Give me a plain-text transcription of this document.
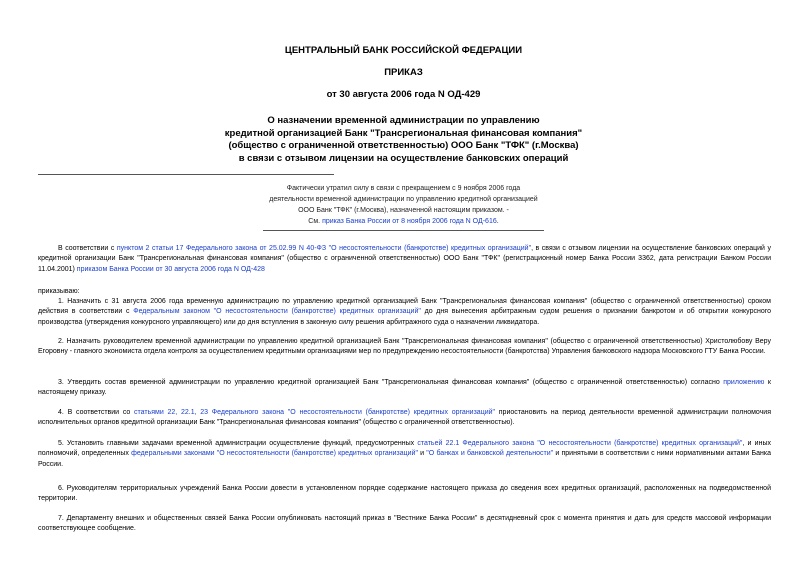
ЦЕНТРАЛЬНЫЙ БАНК РОССИЙСКОЙ ФЕДЕРАЦИИ
ПРИКАЗ
от 30 августа 2006 года N ОД-429
О назначении временной администрации по управлению
кредитной организацией Банк "Трансрегиональная финансовая компания"
(общество с ограниченной ответственностью) ООО Банк "ТФК" (г.Москва)
в связи с отзывом лицензии на осуществление банковских операций
Фактически утратил силу в связи с прекращением с 9 ноября 2006 года
деятельности временной администрации по управлению кредитной организацией
ООО Банк "ТФК" (г.Москва), назначенной настоящим приказом. -
См. приказ Банка России от 8 ноября 2006 года N ОД-616.
В соответствии с пунктом 2 статьи 17 Федерального закона от 25.02.99 N 40-ФЗ "О несостоятельности (банкротстве) кредитных организаций", в связи с отзывом лицензии на осуществление банковских операций у кредитной организации Банк "Трансрегиональная финансовая компания" (общество с ограниченной ответственностью) ООО Банк "ТФК" (регистрационный номер Банка России 3362, дата регистрации Банком России 11.04.2001) приказом Банка России от 30 августа 2006 года N ОД-428
приказываю:
1. Назначить с 31 августа 2006 года временную администрацию по управлению кредитной организацией Банк "Трансрегиональная финансовая компания" (общество с ограниченной ответственностью) сроком действия в соответствии с Федеральным законом "О несостоятельности (банкротстве) кредитных организаций" до дня вынесения арбитражным судом решения о признании банкротом и об открытии конкурсного производства (утверждения конкурсного управляющего) или до дня вступления в законную силу решения арбитражного суда о назначении ликвидатора.
2. Назначить руководителем временной администрации по управлению кредитной организацией Банк "Трансрегиональная финансовая компания" (общество с ограниченной ответственностью) Христолюбову Веру Егоровну - главного экономиста отдела контроля за осуществлением кредитными организациями мер по предупреждению несостоятельности (банкротства) Управления банковского надзора Московского ГТУ Банка России.
3. Утвердить состав временной администрации по управлению кредитной организацией Банк "Трансрегиональная финансовая компания" (общество с ограниченной ответственностью) согласно приложению к настоящему приказу.
4. В соответствии со статьями 22, 22.1, 23 Федерального закона "О несостоятельности (банкротстве) кредитных организаций" приостановить на период деятельности временной администрации полномочия исполнительных органов кредитной организации Банк "Трансрегиональная финансовая компания" (общество с ограниченной ответственностью).
5. Установить главными задачами временной администрации осуществление функций, предусмотренных статьей 22.1 Федерального закона "О несостоятельности (банкротстве) кредитных организаций", и иных полномочий, определенных федеральными законами "О несостоятельности (банкротстве) кредитных организаций" и "О банках и банковской деятельности" и принятыми в соответствии с ними нормативными актами Банка России.
6. Руководителям территориальных учреждений Банка России довести в установленном порядке содержание настоящего приказа до сведения всех кредитных организаций, расположенных на подведомственной территории.
7. Департаменту внешних и общественных связей Банка России опубликовать настоящий приказ в "Вестнике Банка России" в десятидневный срок с момента принятия и дать для средств массовой информации соответствующее сообщение.
